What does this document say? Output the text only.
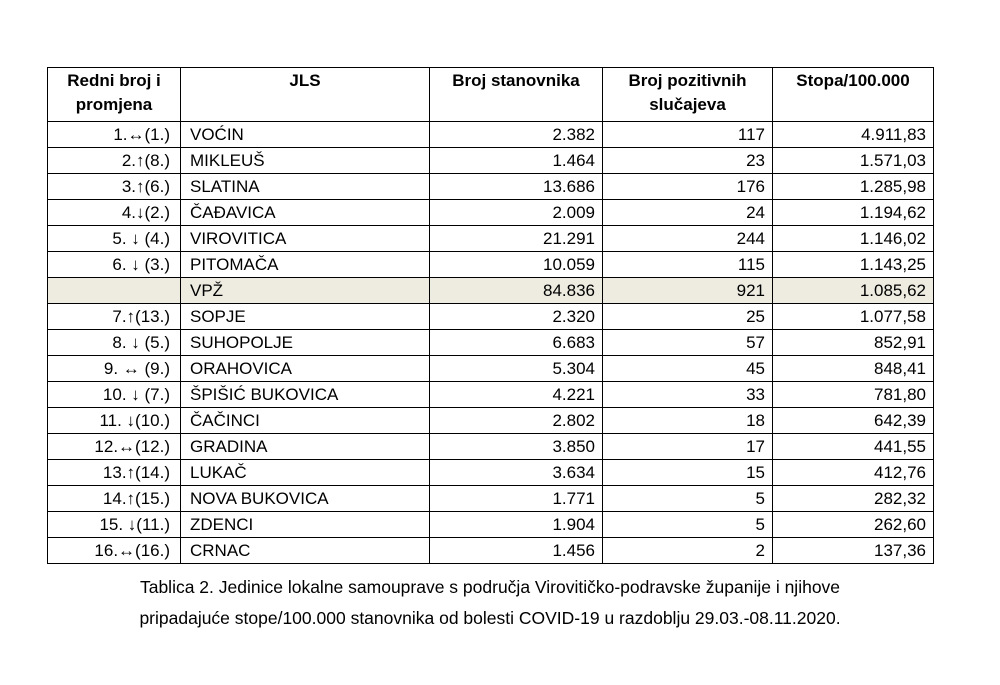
Redni broj i promjena	JLS	Broj stanovnika	Broj pozitivnih slučajeva	Stopa/100.000
1.↔(1.)	VOĆIN	2.382	117	4.911,83
2.↑(8.)	MIKLEUŠ	1.464	23	1.571,03
3.↑(6.)	SLATINA	13.686	176	1.285,98
4.↓(2.)	ČAĐAVICA	2.009	24	1.194,62
5. ↓ (4.)	VIROVITICA	21.291	244	1.146,02
6. ↓ (3.)	PITOMAČA	10.059	115	1.143,25
	VPŽ	84.836	921	1.085,62
7.↑(13.)	SOPJE	2.320	25	1.077,58
8. ↓ (5.)	SUHOPOLJE	6.683	57	852,91
9. ↔ (9.)	ORAHOVICA	5.304	45	848,41
10. ↓ (7.)	ŠPIŠIĆ BUKOVICA	4.221	33	781,80
11. ↓(10.)	ČAČINCI	2.802	18	642,39
12.↔(12.)	GRADINA	3.850	17	441,55
13.↑(14.)	LUKAČ	3.634	15	412,76
14.↑(15.)	NOVA BUKOVICA	1.771	5	282,32
15. ↓(11.)	ZDENCI	1.904	5	262,60
16.↔(16.)	CRNAC	1.456	2	137,36
Tablica 2. Jedinice lokalne samouprave s područja Virovitičko-podravske županije i njihove
pripadajuće stope/100.000 stanovnika od bolesti COVID-19 u razdoblju 29.03.-08.11.2020.
